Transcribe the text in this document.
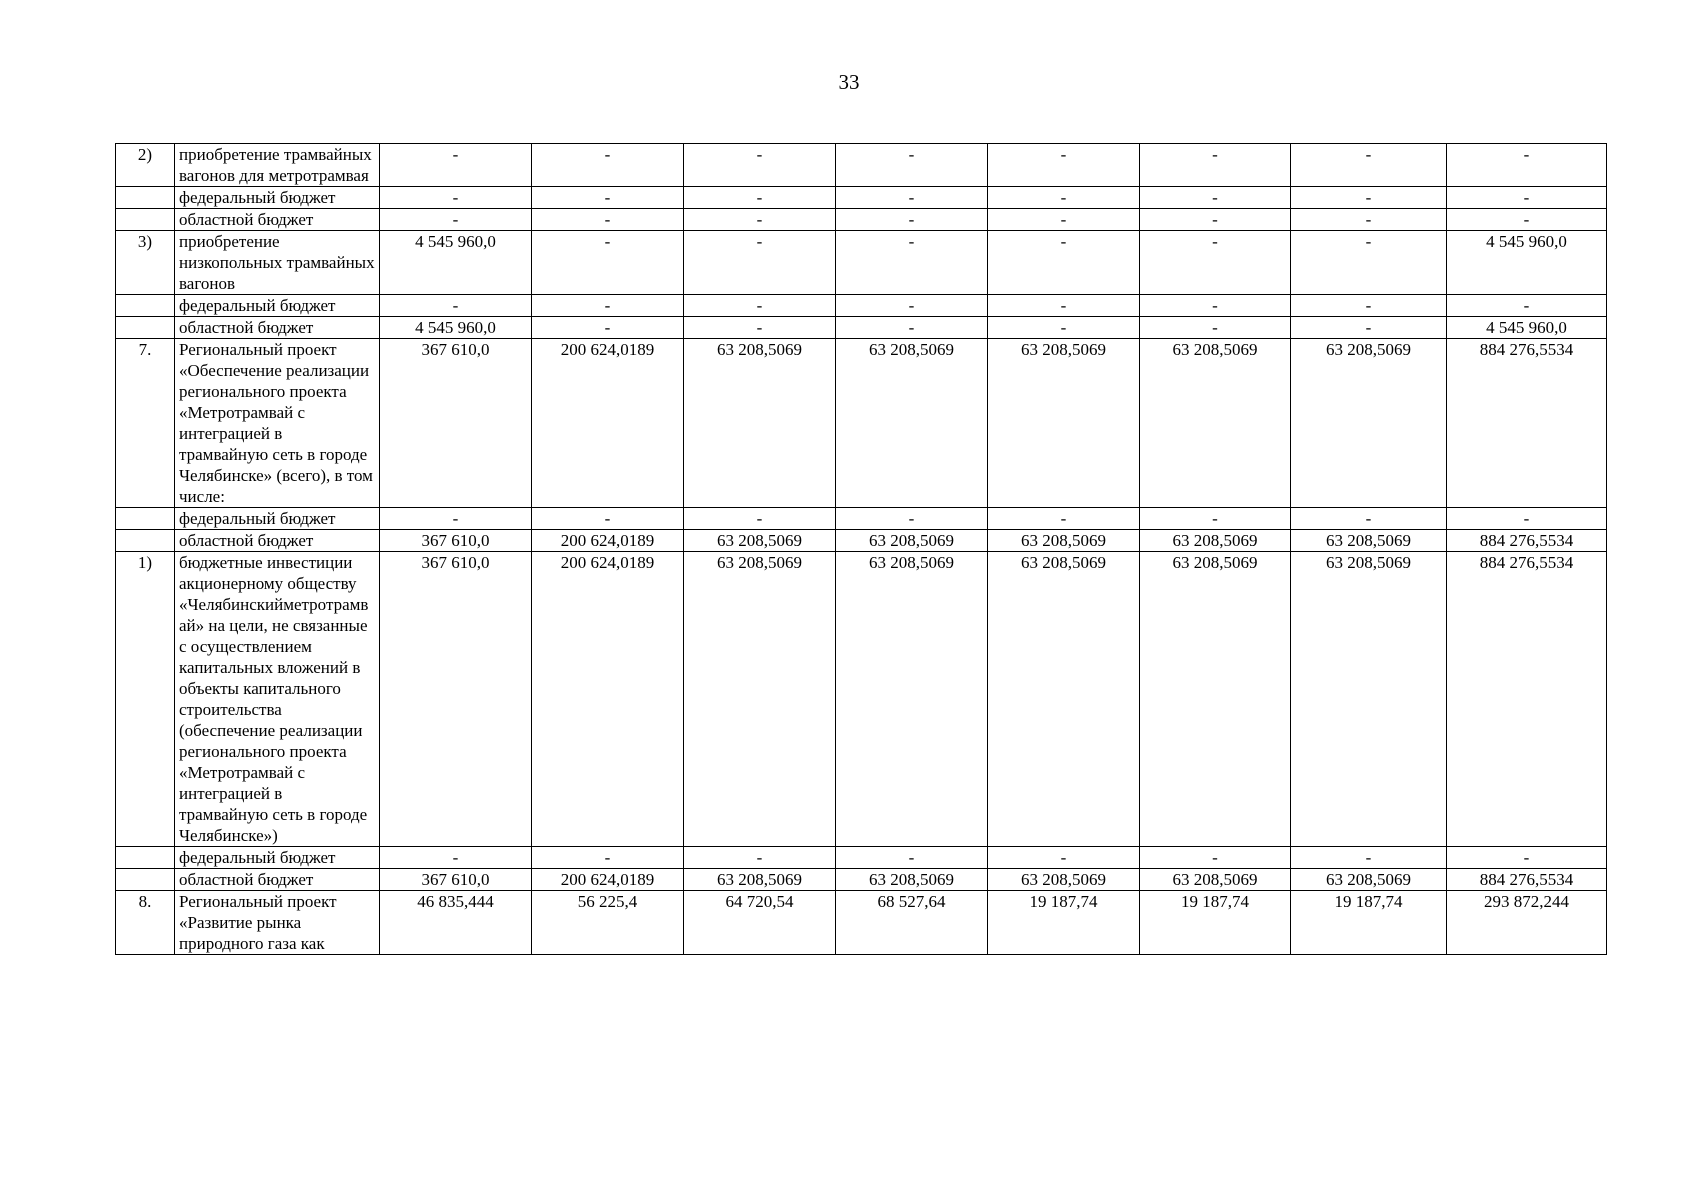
33
2)	приобретение трамвайных вагонов для метротрамвая	-	-	-	-	-	-	-	-
	федеральный бюджет	-	-	-	-	-	-	-	-
	областной бюджет	-	-	-	-	-	-	-	-
3)	приобретение низкопольных трамвайных вагонов	4 545 960,0	-	-	-	-	-	-	4 545 960,0
	федеральный бюджет	-	-	-	-	-	-	-	-
	областной бюджет	4 545 960,0	-	-	-	-	-	-	4 545 960,0
7.	Региональный проект «Обеспечение реализации регионального проекта «Метротрамвай с интеграцией в трамвайную сеть в городе Челябинске» (всего), в том числе:	367 610,0	200 624,0189	63 208,5069	63 208,5069	63 208,5069	63 208,5069	63 208,5069	884 276,5534
	федеральный бюджет	-	-	-	-	-	-	-	-
	областной бюджет	367 610,0	200 624,0189	63 208,5069	63 208,5069	63 208,5069	63 208,5069	63 208,5069	884 276,5534
1)	бюджетные инвестиции акционерному обществу «Челябинскийметротрамвай» на цели, не связанные с осуществлением капитальных вложений в объекты капитального строительства (обеспечение реализации регионального проекта «Метротрамвай с интеграцией в трамвайную сеть в городе Челябинске»)	367 610,0	200 624,0189	63 208,5069	63 208,5069	63 208,5069	63 208,5069	63 208,5069	884 276,5534
	федеральный бюджет	-	-	-	-	-	-	-	-
	областной бюджет	367 610,0	200 624,0189	63 208,5069	63 208,5069	63 208,5069	63 208,5069	63 208,5069	884 276,5534
8.	Региональный проект «Развитие рынка природного газа как	46 835,444	56 225,4	64 720,54	68 527,64	19 187,74	19 187,74	19 187,74	293 872,244
